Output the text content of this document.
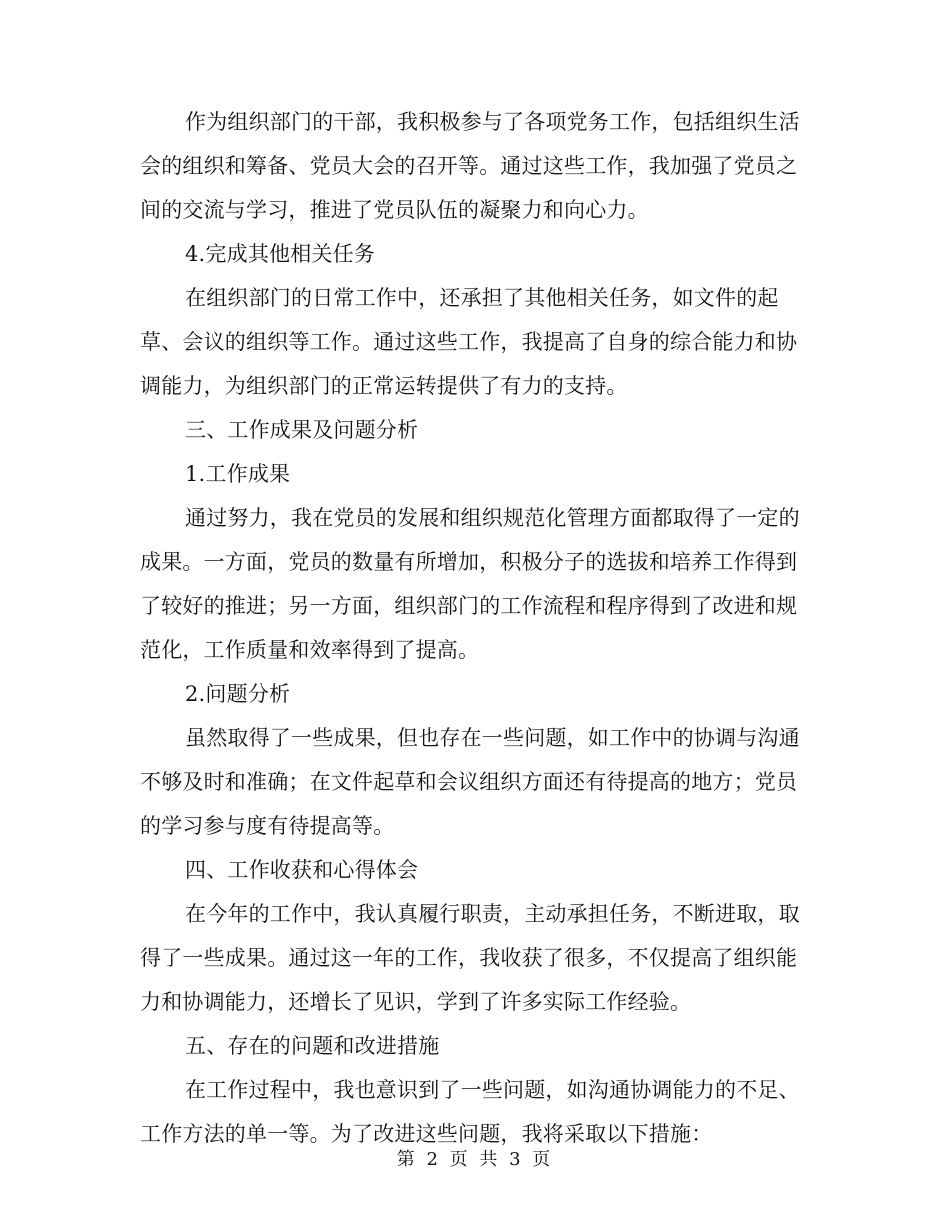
作为组织部门的干部，我积极参与了各项党务工作，包括组织生活会的组织和筹备、党员大会的召开等。通过这些工作，我加强了党员之间的交流与学习，推进了党员队伍的凝聚力和向心力。

4.完成其他相关任务

在组织部门的日常工作中，还承担了其他相关任务，如文件的起草、会议的组织等工作。通过这些工作，我提高了自身的综合能力和协调能力，为组织部门的正常运转提供了有力的支持。

三、工作成果及问题分析

1.工作成果

通过努力，我在党员的发展和组织规范化管理方面都取得了一定的成果。一方面，党员的数量有所增加，积极分子的选拔和培养工作得到了较好的推进；另一方面，组织部门的工作流程和程序得到了改进和规范化，工作质量和效率得到了提高。

2.问题分析

虽然取得了一些成果，但也存在一些问题，如工作中的协调与沟通不够及时和准确；在文件起草和会议组织方面还有待提高的地方；党员的学习参与度有待提高等。

四、工作收获和心得体会

在今年的工作中，我认真履行职责，主动承担任务，不断进取，取得了一些成果。通过这一年的工作，我收获了很多，不仅提高了组织能力和协调能力，还增长了见识，学到了许多实际工作经验。

五、存在的问题和改进措施

在工作过程中，我也意识到了一些问题，如沟通协调能力的不足、工作方法的单一等。为了改进这些问题，我将采取以下措施：

第 2 页 共 3 页
